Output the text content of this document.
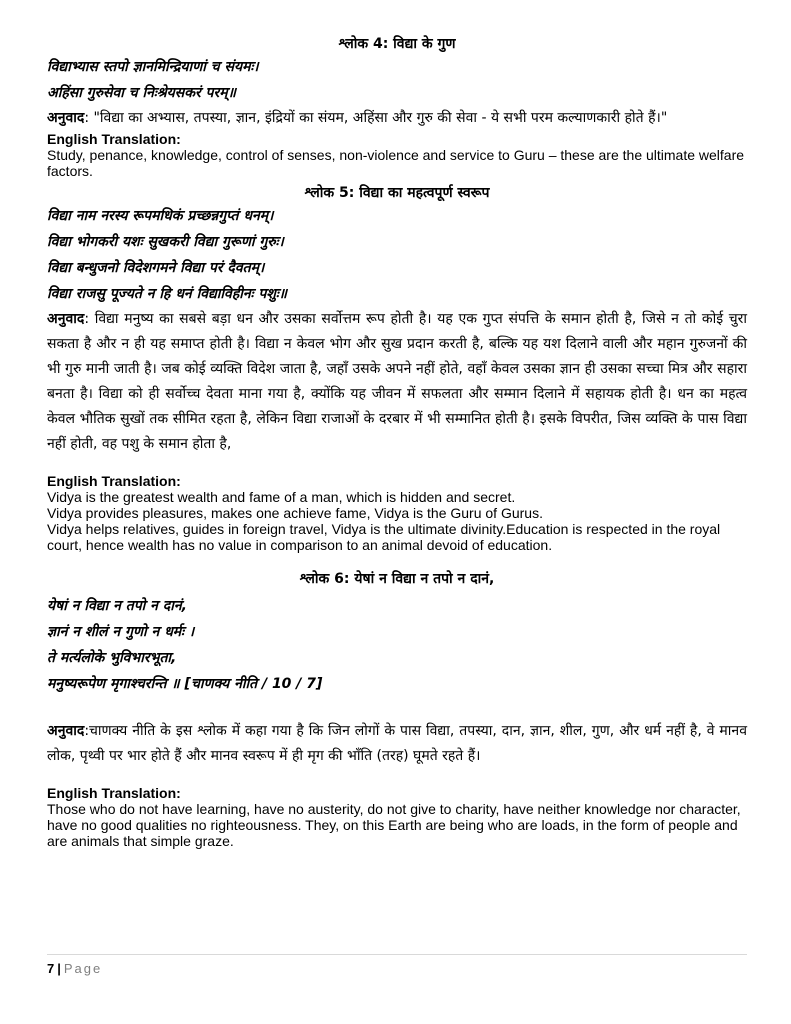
श्लोक 4: विद्या के गुण

विद्याभ्यास स्तपो ज्ञानमिन्द्रियाणां च संयमः।

अहिंसा गुरुसेवा च निःश्रेयसकरं परम्॥

अनुवाद: "विद्या का अभ्यास, तपस्या, ज्ञान, इंद्रियों का संयम, अहिंसा और गुरु की सेवा - ये सभी परम कल्याणकारी होते हैं।"

English Translation:

Study, penance, knowledge, control of senses, non-violence and service to Guru – these are the ultimate welfare factors.

श्लोक 5: विद्या का महत्वपूर्ण स्वरूप

विद्या नाम नरस्य रूपमधिकं प्रच्छन्नगुप्तं धनम्।

विद्या भोगकरी यशः सुखकरी विद्या गुरूणां गुरुः।

विद्या बन्धुजनो विदेशगमने विद्या परं दैवतम्।

विद्या राजसु पूज्यते न हि धनं विद्याविहीनः पशुः॥

अनुवाद: विद्या मनुष्य का सबसे बड़ा धन और उसका सर्वोत्तम रूप होती है। यह एक गुप्त संपत्ति के समान होती है, जिसे न तो कोई चुरा सकता है और न ही यह समाप्त होती है। विद्या न केवल भोग और सुख प्रदान करती है, बल्कि यह यश दिलाने वाली और महान गुरुजनों की भी गुरु मानी जाती है। जब कोई व्यक्ति विदेश जाता है, जहाँ उसके अपने नहीं होते, वहाँ केवल उसका ज्ञान ही उसका सच्चा मित्र और सहारा बनता है। विद्या को ही सर्वोच्च देवता माना गया है, क्योंकि यह जीवन में सफलता और सम्मान दिलाने में सहायक होती है। धन का महत्व केवल भौतिक सुखों तक सीमित रहता है, लेकिन विद्या राजाओं के दरबार में भी सम्मानित होती है। इसके विपरीत, जिस व्यक्ति के पास विद्या नहीं होती, वह पशु के समान होता है,

English Translation:

Vidya is the greatest wealth and fame of a man, which is hidden and secret.

Vidya provides pleasures, makes one achieve fame, Vidya is the Guru of Gurus.

Vidya helps relatives, guides in foreign travel, Vidya is the ultimate divinity.Education is respected in the royal court, hence wealth has no value in comparison to an animal devoid of education.

श्लोक 6: येषां न विद्या न तपो न दानं,

येषां न विद्या न तपो न दानं,

ज्ञानं न शीलं न गुणो न धर्मः ।

ते मर्त्यलोके भुविभारभूता,

मनुष्यरूपेण मृगाश्चरन्ति ॥ [चाणक्य नीति / 10 / 7]

अनुवाद:चाणक्य नीति के इस श्लोक में कहा गया है कि जिन लोगों के पास विद्या, तपस्या, दान, ज्ञान, शील, गुण, और धर्म नहीं है, वे मानव लोक, पृथ्वी पर भार होते हैं और मानव स्वरूप में ही मृग की भाँति (तरह) घूमते रहते हैं।

English Translation:

Those who do not have learning, have no austerity, do not give to charity, have neither knowledge nor character, have no good qualities no righteousness. They, on this Earth are being who are loads, in the form of people and are animals that simple graze.

7 | Page
